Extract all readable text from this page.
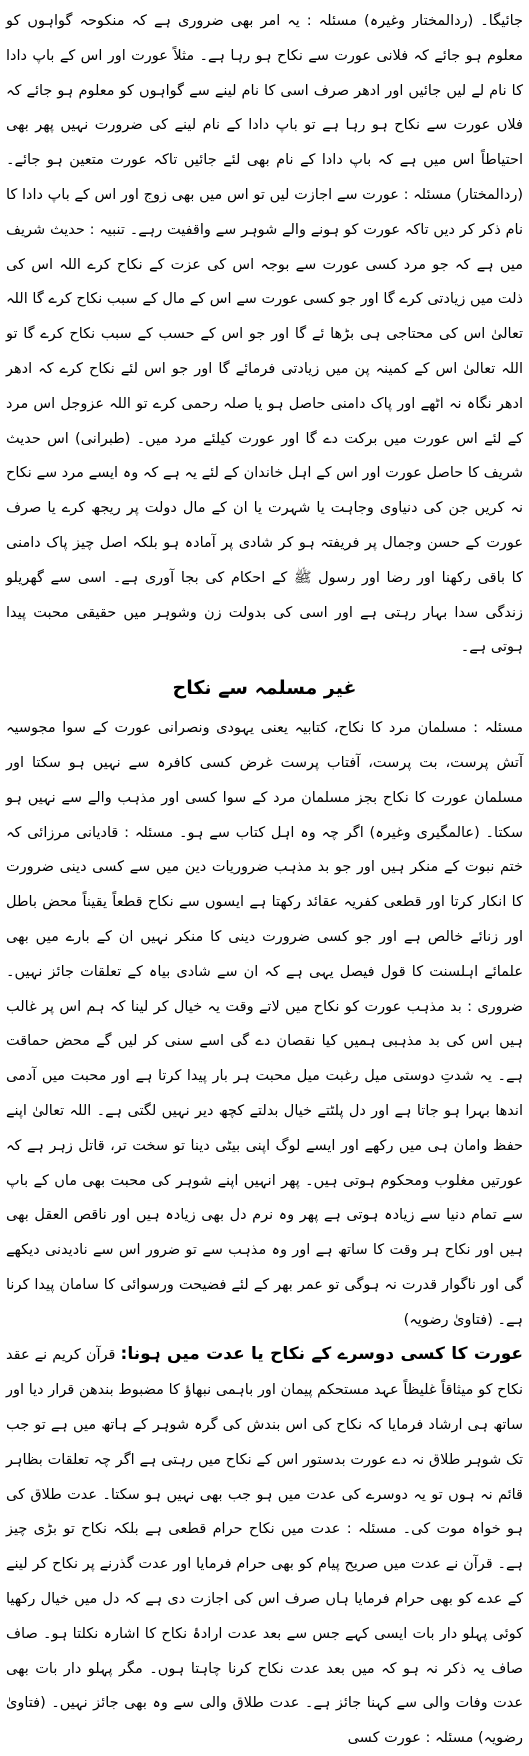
جائیگا۔ (ردالمختار وغیرہ) مسئلہ : یہ امر بھی ضروری ہے کہ منکوحہ گواہوں کو معلوم ہو جائے کہ فلانی عورت سے نکاح ہو رہا ہے۔ مثلاً عورت اور اس کے باپ دادا کا نام لے لیں جائیں اور ادھر صرف اسی کا نام لینے سے گواہوں کو معلوم ہو جائے کہ فلاں عورت سے نکاح ہو رہا ہے تو باپ دادا کے نام لینے کی ضرورت نہیں پھر بھی احتیاطاً اس میں ہے کہ باپ دادا کے نام بھی لئے جائیں تاکہ عورت متعین ہو جائے۔ (ردالمختار) مسئلہ : عورت سے اجازت لیں تو اس میں بھی زوج اور اس کے باپ دادا کا نام ذکر کر دیں تاکہ عورت کو ہونے والے شوہر سے واقفیت رہے۔ تنبیہ : حدیث شریف میں ہے کہ جو مرد کسی عورت سے بوجہ اس کی عزت کے نکاح کرے اللہ اس کی ذلت میں زیادتی کرے گا اور جو کسی عورت سے اس کے مال کے سبب نکاح کرے گا اللہ تعالیٰ اس کی محتاجی ہی بڑھا ئے گا اور جو اس کے حسب کے سبب نکاح کرے گا تو اللہ تعالیٰ اس کے کمینہ پن میں زیادتی فرمائے گا اور جو اس لئے نکاح کرے کہ ادھر ادھر نگاہ نہ اٹھے اور پاک دامنی حاصل ہو یا صلہ رحمی کرے تو اللہ عزوجل اس مرد کے لئے اس عورت میں برکت دے گا اور عورت کیلئے مرد میں۔ (طبرانی) اس حدیث شریف کا حاصل عورت اور اس کے اہل خاندان کے لئے یہ ہے کہ وہ ایسے مرد سے نکاح نہ کریں جن کی دنیاوی وجاہت یا شہرت یا ان کے مال دولت پر ریجھ کرے یا صرف عورت کے حسن وجمال پر فریفتہ ہو کر شادی پر آمادہ ہو بلکہ اصل چیز پاک دامنی کا باقی رکھنا اور رضا اور رسول ﷺ کے احکام کی بجا آوری ہے۔ اسی سے گھریلو زندگی سدا بہار رہتی ہے اور اسی کی بدولت زن وشوہر میں حقیقی محبت پیدا ہوتی ہے۔

غیر مسلمہ سے نکاح

مسئلہ : مسلمان مرد کا نکاح، کتابیہ یعنی یہودی ونصرانی عورت کے سوا مجوسیہ آتش پرست، بت پرست، آفتاب پرست غرض کسی کافرہ سے نہیں ہو سکتا اور مسلمان عورت کا نکاح بجز مسلمان مرد کے سوا کسی اور مذہب والے سے نہیں ہو سکتا۔ (عالمگیری وغیرہ) اگر چہ وہ اہل کتاب سے ہو۔ مسئلہ : قادیانی مرزائی کہ ختم نبوت کے منکر ہیں اور جو بد مذہب ضروریات دین میں سے کسی دینی ضرورت کا انکار کرتا اور قطعی کفریہ عقائد رکھتا ہے ایسوں سے نکاح قطعاً یقیناً محض باطل اور زنائے خالص ہے اور جو کسی ضرورت دینی کا منکر نہیں ان کے بارے میں بھی علمائے اہلسنت کا قول فیصل یہی ہے کہ ان سے شادی بیاہ کے تعلقات جائز نہیں۔ ضروری : بد مذہب عورت کو نکاح میں لاتے وقت یہ خیال کر لینا کہ ہم اس پر غالب ہیں اس کی بد مذہبی ہمیں کیا نقصان دے گی اسے سنی کر لیں گے محض حماقت ہے۔ یہ شدتِ دوستی میل رغبت میل محبت ہر بار پیدا کرتا ہے اور محبت میں آدمی اندھا بہرا ہو جاتا ہے اور دل پلٹتے خیال بدلتے کچھ دیر نہیں لگتی ہے۔ اللہ تعالیٰ اپنے حفظ وامان ہی میں رکھے اور ایسے لوگ اپنی بیٹی دینا تو سخت تر، قاتل زہر ہے کہ عورتیں مغلوب ومحکوم ہوتی ہیں۔ پھر انہیں اپنے شوہر کی محبت بھی ماں کے باپ سے تمام دنیا سے زیادہ ہوتی ہے پھر وہ نرم دل بھی زیادہ ہیں اور ناقص العقل بھی ہیں اور نکاح ہر وقت کا ساتھ ہے اور وہ مذہب سے تو ضرور اس سے نادیدنی دیکھے گی اور ناگوار قدرت نہ ہوگی تو عمر بھر کے لئے فضیحت ورسوائی کا سامان پیدا کرنا ہے۔ (فتاویٰ رضویہ)

عورت کا کسی دوسرے کے نکاح یا عدت میں ہونا: قرآن کریم نے عقد نکاح کو میثاقاً غلیظاً عہد مستحکم پیمان اور باہمی نبھاؤ کا مضبوط بندھن قرار دیا اور ساتھ ہی ارشاد فرمایا کہ نکاح کی اس بندش کی گرہ شوہر کے ہاتھ میں ہے تو جب تک شوہر طلاق نہ دے عورت بدستور اس کے نکاح میں رہتی ہے اگر چہ تعلقات بظاہر قائم نہ ہوں تو یہ دوسرے کی عدت میں ہو جب بھی نہیں ہو سکتا۔ عدت طلاق کی ہو خواہ موت کی۔ مسئلہ : عدت میں نکاح حرام قطعی ہے بلکہ نکاح تو بڑی چیز ہے۔ قرآن نے عدت میں صریح پیام کو بھی حرام فرمایا اور عدت گذرنے پر نکاح کر لینے کے عدے کو بھی حرام فرمایا ہاں صرف اس کی اجازت دی ہے کہ دل میں خیال رکھیا کوئی پہلو دار بات ایسی کہے جس سے بعد عدت ارادۂ نکاح کا اشارہ نکلتا ہو۔ صاف صاف یہ ذکر نہ ہو کہ میں بعد عدت نکاح کرنا چاہتا ہوں۔ مگر پہلو دار بات بھی عدت وفات والی سے کہنا جائز ہے۔ عدت طلاق والی سے وہ بھی جائز نہیں۔ (فتاویٰ رضویہ) مسئلہ : عورت کسی
